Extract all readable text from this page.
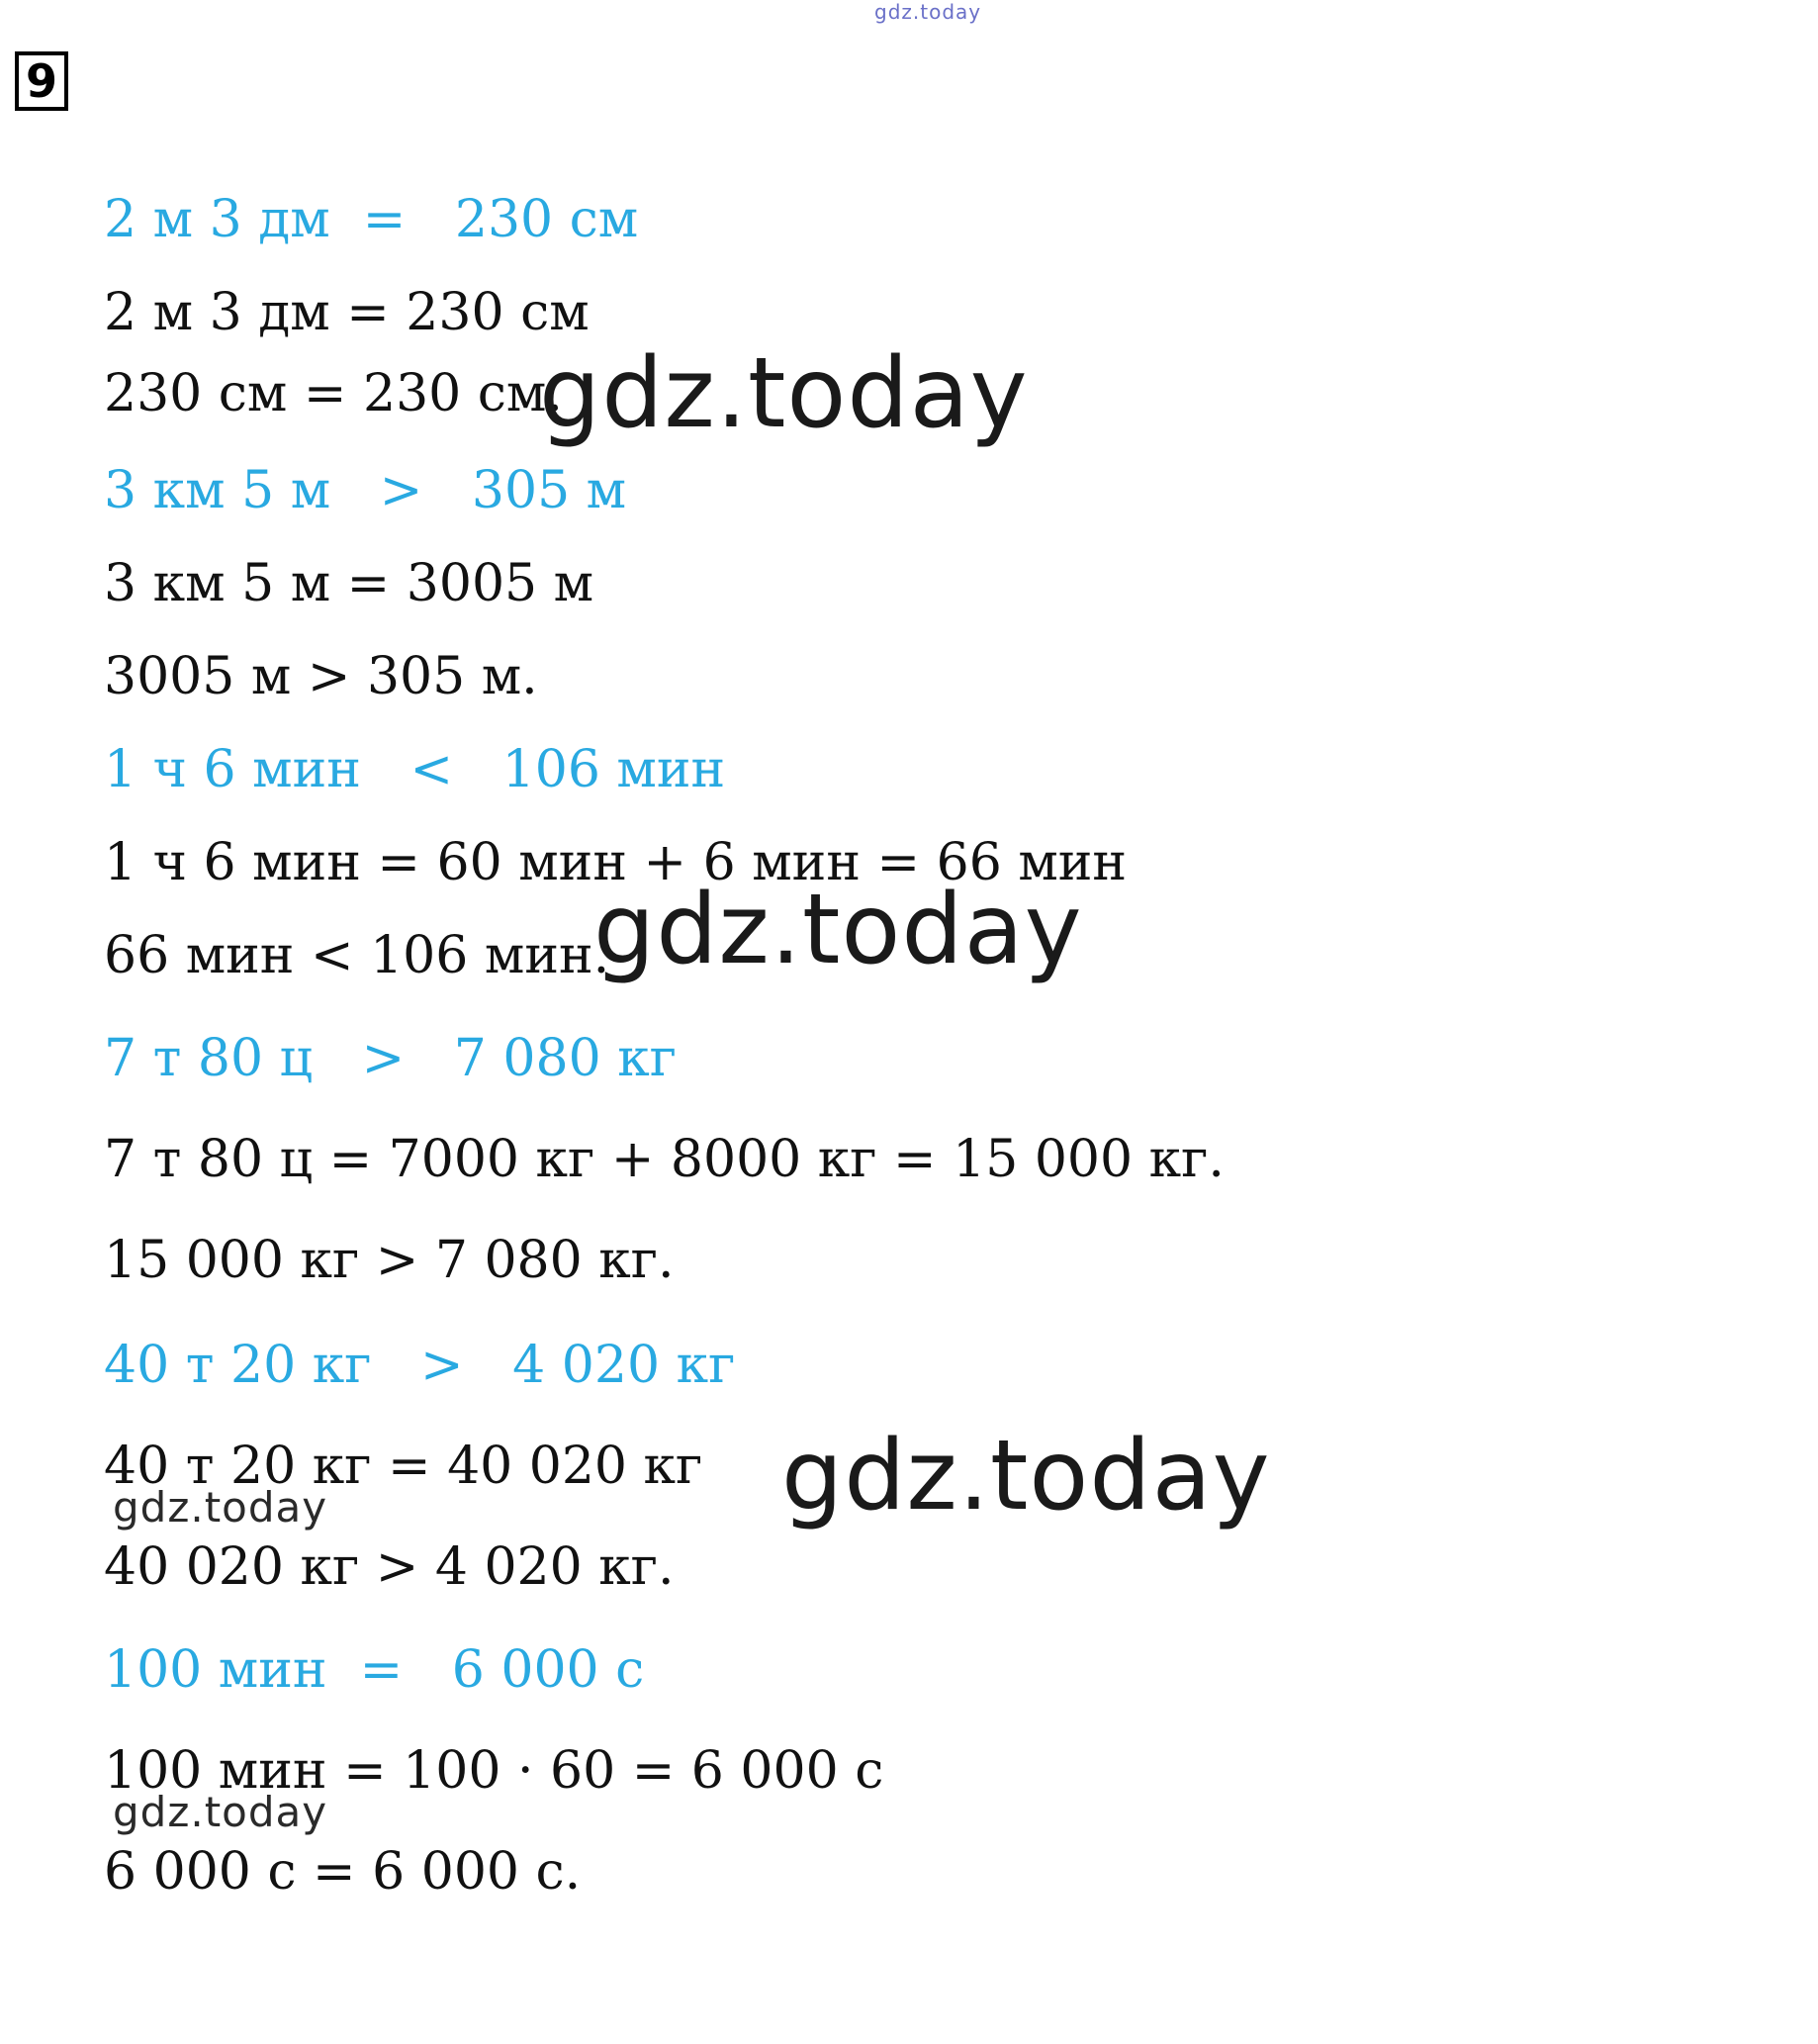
gdz.today
9
2 м 3 дм  =   230 см
2 м 3 дм = 230 см
230 см = 230 см.
3 км 5 м   >   305 м
3 км 5 м = 3005 м
3005 м > 305 м.
1 ч 6 мин   <   106 мин
1 ч 6 мин = 60 мин + 6 мин = 66 мин
66 мин < 106 мин.
7 т 80 ц   >   7 080 кг
7 т 80 ц = 7000 кг + 8000 кг = 15 000 кг.
15 000 кг > 7 080 кг.
40 т 20 кг   >   4 020 кг
40 т 20 кг = 40 020 кг
40 020 кг > 4 020 кг.
100 мин  =   6 000 с
100 мин = 100 · 60 = 6 000 с
6 000 с = 6 000 с.
gdz.today
gdz.today
gdz.today
gdz.today
gdz.today
